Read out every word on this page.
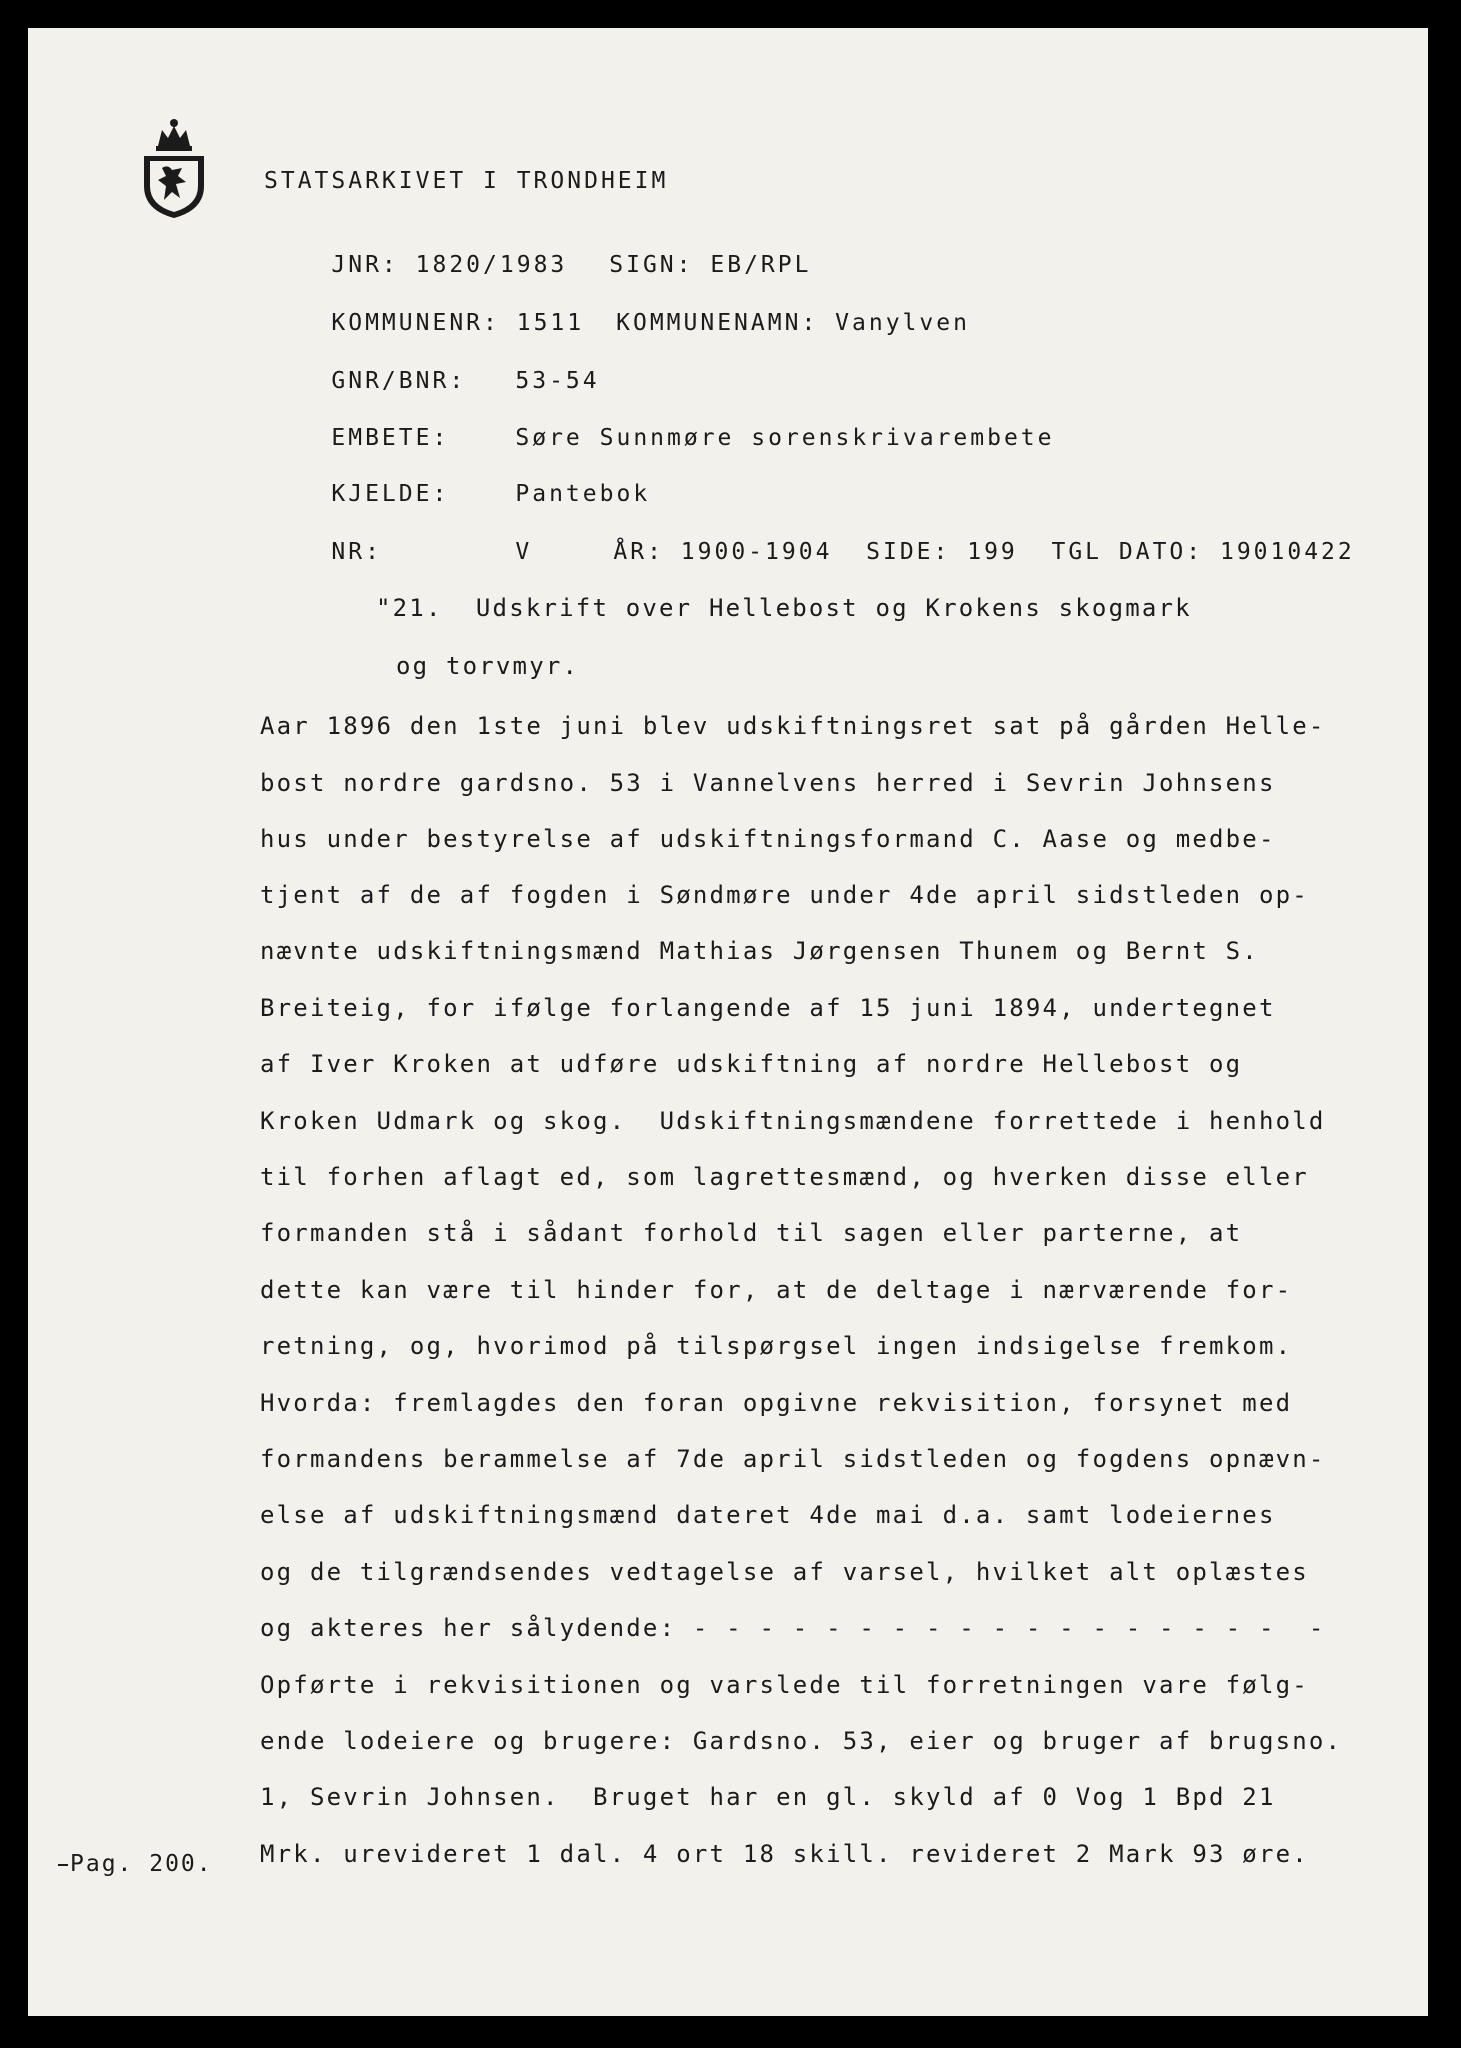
STATSARKIVET I TRONDHEIM

JNR: 1820/1983 SIGN: EB/RPL

KOMMUNENR: 1511 KOMMUNENAMN: Vanylven

GNR/BNR: 53-54

EMBETE:	Søre Sunnmøre sorenskrivarembete

KJELDE:	Pantebok

NR:	V	ÅR: 1900-1904 SIDE: 199 TGL DATO: 19010422

"21.  Udskrift over Hellebost og Krokens skogmark
og torvmyr.
Aar 1896 den 1ste juni blev udskiftningsret sat på gården Helle-
bost nordre gardsno. 53 i Vannelvens herred i Sevrin Johnsens
hus under bestyrelse af udskiftningsformand C. Aase og medbe-
tjent af de af fogden i Søndmøre under 4de april sidstleden op-
nævnte udskiftningsmænd Mathias Jørgensen Thunem og Bernt S.
Breiteig, for ifølge forlangende af 15 juni 1894, undertegnet
af Iver Kroken at udføre udskiftning af nordre Hellebost og
Kroken Udmark og skog.  Udskiftningsmændene forrettede i henhold
til forhen aflagt ed, som lagrettesmænd, og hverken disse eller
formanden stå i sådant forhold til sagen eller parterne, at
dette kan være til hinder for, at de deltage i nærværende for-
retning, og, hvorimod på tilspørgsel ingen indsigelse fremkom.
Hvorda: fremlagdes den foran opgivne rekvisition, forsynet med
formandens berammelse af 7de april sidstleden og fogdens opnævn-
else af udskiftningsmænd dateret 4de mai d.a. samt lodeiernes
og de tilgrændsendes vedtagelse af varsel, hvilket alt oplæstes
og akteres her sålydende: - - - - - - - - - - - - - - - - - -  -
Opførte i rekvisitionen og varslede til forretningen vare følg-
ende lodeiere og brugere: Gardsno. 53, eier og bruger af brugsno.
1, Sevrin Johnsen.  Bruget har en gl. skyld af 0 Vog 1 Bpd 21
Mrk. urevideret 1 dal. 4 ort 18 skill. revideret 2 Mark 93 øre.
Pag. 200.
